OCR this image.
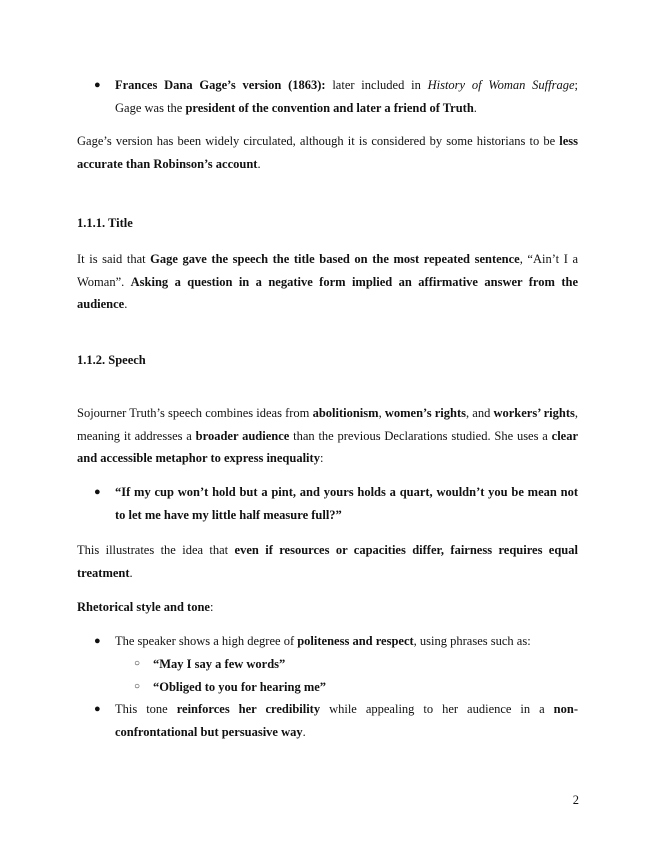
●	Frances Dana Gage’s version (1863): later included in History of Woman Suffrage;
Gage was the president of the convention and later a friend of Truth.

Gage’s version has been widely circulated, although it is considered by some historians to be less accurate than Robinson’s account.

1.1.1. Title

It is said that Gage gave the speech the title based on the most repeated sentence, “Ain’t I a Woman”. Asking a question in a negative form implied an affirmative answer from the audience.

1.1.2. Speech

Sojourner Truth’s speech combines ideas from abolitionism, women’s rights, and workers’ rights, meaning it addresses a broader audience than the previous Declarations studied. She uses a clear and accessible metaphor to express inequality:

●	“If my cup won’t hold but a pint, and yours holds a quart, wouldn’t you be mean not to let me have my little half measure full?”

This illustrates the idea that even if resources or capacities differ, fairness requires equal treatment.

Rhetorical style and tone:

●	The speaker shows a high degree of politeness and respect, using phrases such as:
○ “May I say a few words”
○ “Obliged to you for hearing me”
●	This tone reinforces her credibility while appealing to her audience in a non-confrontational but persuasive way.
2
